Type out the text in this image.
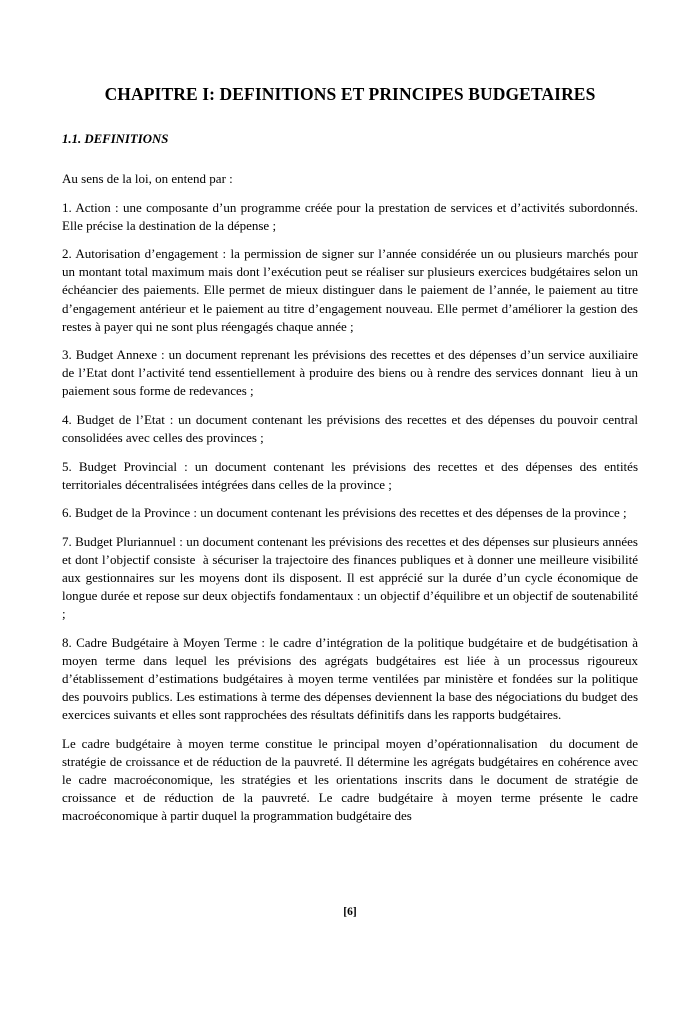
CHAPITRE I: DEFINITIONS ET PRINCIPES BUDGETAIRES
1.1. DEFINITIONS

Au sens de la loi, on entend par :

1. Action : une composante d’un programme créée pour la prestation de services et d’activités subordonnés. Elle précise la destination de la dépense ;

2. Autorisation d’engagement : la permission de signer sur l’année considérée un ou plusieurs marchés pour un montant total maximum mais dont l’exécution peut se réaliser sur plusieurs exercices budgétaires selon un échéancier des paiements. Elle permet de mieux distinguer dans le paiement de l’année, le paiement au titre d’engagement antérieur et le paiement au titre d’engagement nouveau. Elle permet d’améliorer la gestion des restes à payer qui ne sont plus réengagés chaque année ;

3. Budget Annexe : un document reprenant les prévisions des recettes et des dépenses d’un service auxiliaire de l’Etat dont l’activité tend essentiellement à produire des biens ou à rendre des services donnant  lieu à un paiement sous forme de redevances ;

4. Budget de l’Etat : un document contenant les prévisions des recettes et des dépenses du pouvoir central consolidées avec celles des provinces ;

5. Budget Provincial : un document contenant les prévisions des recettes et des dépenses des entités territoriales décentralisées intégrées dans celles de la province ;

6. Budget de la Province : un document contenant les prévisions des recettes et des dépenses de la province ;

7. Budget Pluriannuel : un document contenant les prévisions des recettes et des dépenses sur plusieurs années et dont l’objectif consiste  à sécuriser la trajectoire des finances publiques et à donner une meilleure visibilité aux gestionnaires sur les moyens dont ils disposent. Il est apprécié sur la durée d’un cycle économique de longue durée et repose sur deux objectifs fondamentaux : un objectif d’équilibre et un objectif de soutenabilité ;

8. Cadre Budgétaire à Moyen Terme : le cadre d’intégration de la politique budgétaire et de budgétisation à moyen terme dans lequel les prévisions des agrégats budgétaires est liée à un processus rigoureux d’établissement d’estimations budgétaires à moyen terme ventilées par ministère et fondées sur la politique des pouvoirs publics. Les estimations à terme des dépenses deviennent la base des négociations du budget des exercices suivants et elles sont rapprochées des résultats définitifs dans les rapports budgétaires.

Le cadre budgétaire à moyen terme constitue le principal moyen d’opérationnalisation  du document de stratégie de croissance et de réduction de la pauvreté. Il détermine les agrégats budgétaires en cohérence avec le cadre macroéconomique, les stratégies et les orientations inscrits dans le document de stratégie de croissance et de réduction de la pauvreté. Le cadre budgétaire à moyen terme présente le cadre macroéconomique à partir duquel la programmation budgétaire des

[6]
